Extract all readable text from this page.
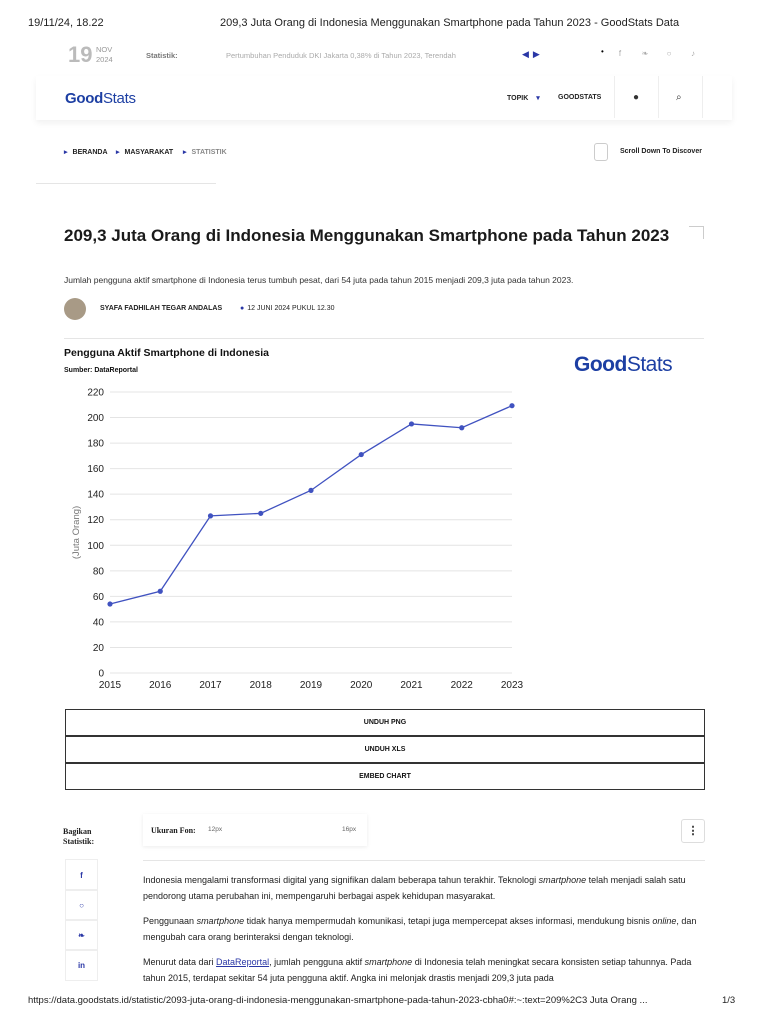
19/11/24, 18.22	209,3 Juta Orang di Indonesia Menggunakan Smartphone pada Tahun 2023 - GoodStats Data
19 NOV
2024	Statistik:	Pertumbuhan Penduduk DKI Jakarta 0,38% di Tahun 2023, Terendah	◀▶	•	f	❧	○	♪
GoodStats	TOPIK ▾	GOODSTATS	●	⌕
▸ BERANDA ▸ MASYARAKAT ▸ STATISTIK	Scroll Down To Discover
209,3 Juta Orang di Indonesia Menggunakan Smartphone pada Tahun 2023
Jumlah pengguna aktif smartphone di Indonesia terus tumbuh pesat, dari 54 juta pada tahun 2015 menjadi 209,3 juta pada tahun 2023.
SYAFA FADHILAH TEGAR ANDALAS	● 12 JUNI 2024 PUKUL 12.30
Pengguna Aktif Smartphone di Indonesia
Sumber: DataReportal	GoodStats
0
20
40
60
80
100
120
140
160
180
200
220
2015	2016	2017	2018	2019	2020	2021	2022	2023
(Juta Orang)
UNDUH PNG
UNDUH XLS
EMBED CHART
Bagikan Statistik:
Ukuran Fon: 12px	16px	⋮
f
○
❧
in
Indonesia mengalami transformasi digital yang signifikan dalam beberapa tahun terakhir. Teknologi smartphone telah menjadi salah satu pendorong utama perubahan ini, mempengaruhi berbagai aspek kehidupan masyarakat.
Penggunaan smartphone tidak hanya mempermudah komunikasi, tetapi juga mempercepat akses informasi, mendukung bisnis online, dan mengubah cara orang berinteraksi dengan teknologi.
Menurut data dari DataReportal, jumlah pengguna aktif smartphone di Indonesia telah meningkat secara konsisten setiap tahunnya. Pada tahun 2015, terdapat sekitar 54 juta pengguna aktif. Angka ini melonjak drastis menjadi 209,3 juta pada
https://data.goodstats.id/statistic/2093-juta-orang-di-indonesia-menggunakan-smartphone-pada-tahun-2023-cbha0#:~:text=209%2C3 Juta Orang ...	1/3
